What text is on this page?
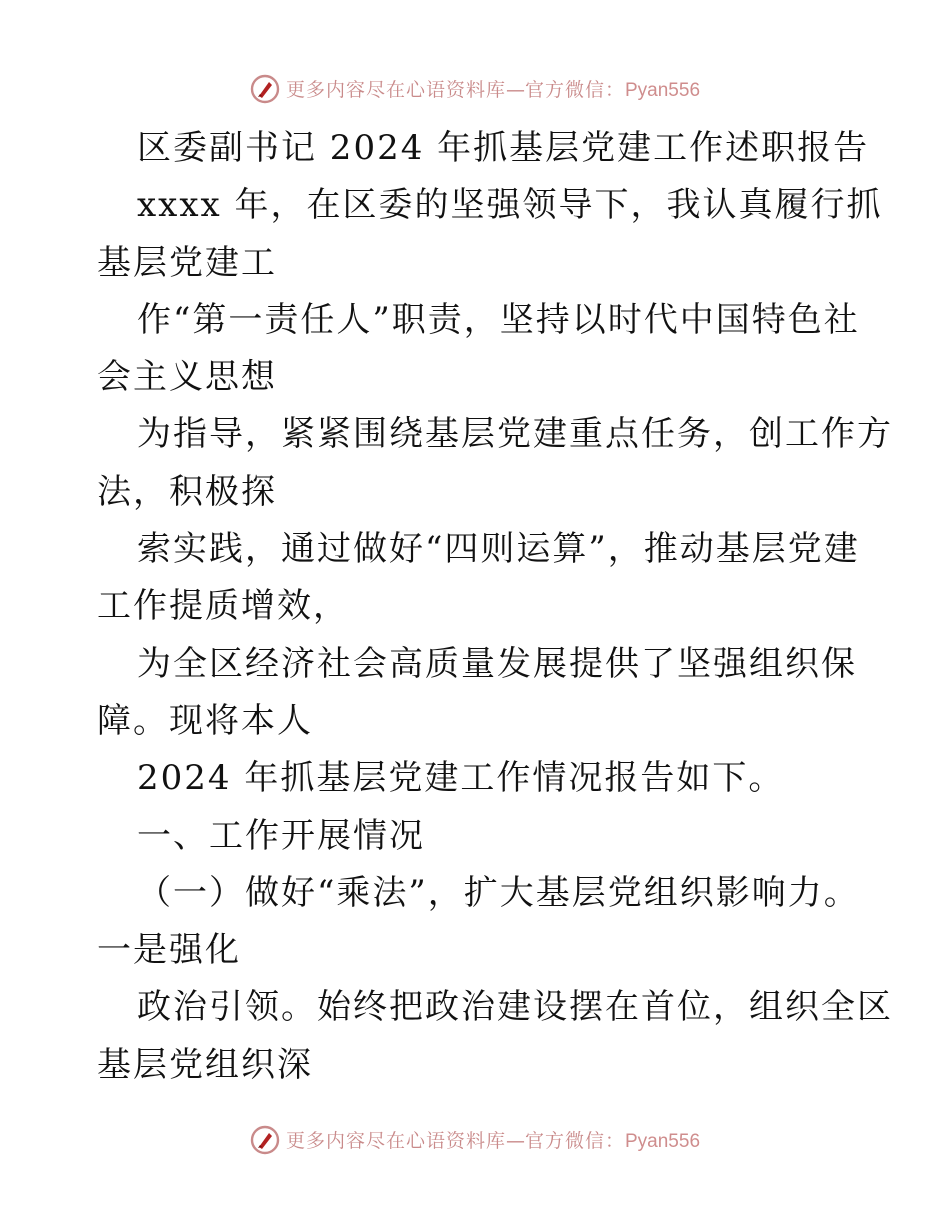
更多内容尽在心语资料库—官方微信：Pyan556
区委副书记 2024 年抓基层党建工作述职报告
xxxx 年，在区委的坚强领导下，我认真履行抓
基层党建工
作“第一责任人”职责，坚持以时代中国特色社
会主义思想
为指导，紧紧围绕基层党建重点任务，创工作方
法，积极探
索实践，通过做好“四则运算”，推动基层党建
工作提质增效，
为全区经济社会高质量发展提供了坚强组织保
障。现将本人
2024 年抓基层党建工作情况报告如下。
一、工作开展情况
（一）做好“乘法”，扩大基层党组织影响力。
一是强化
政治引领。始终把政治建设摆在首位，组织全区
基层党组织深
更多内容尽在心语资料库—官方微信：Pyan556
